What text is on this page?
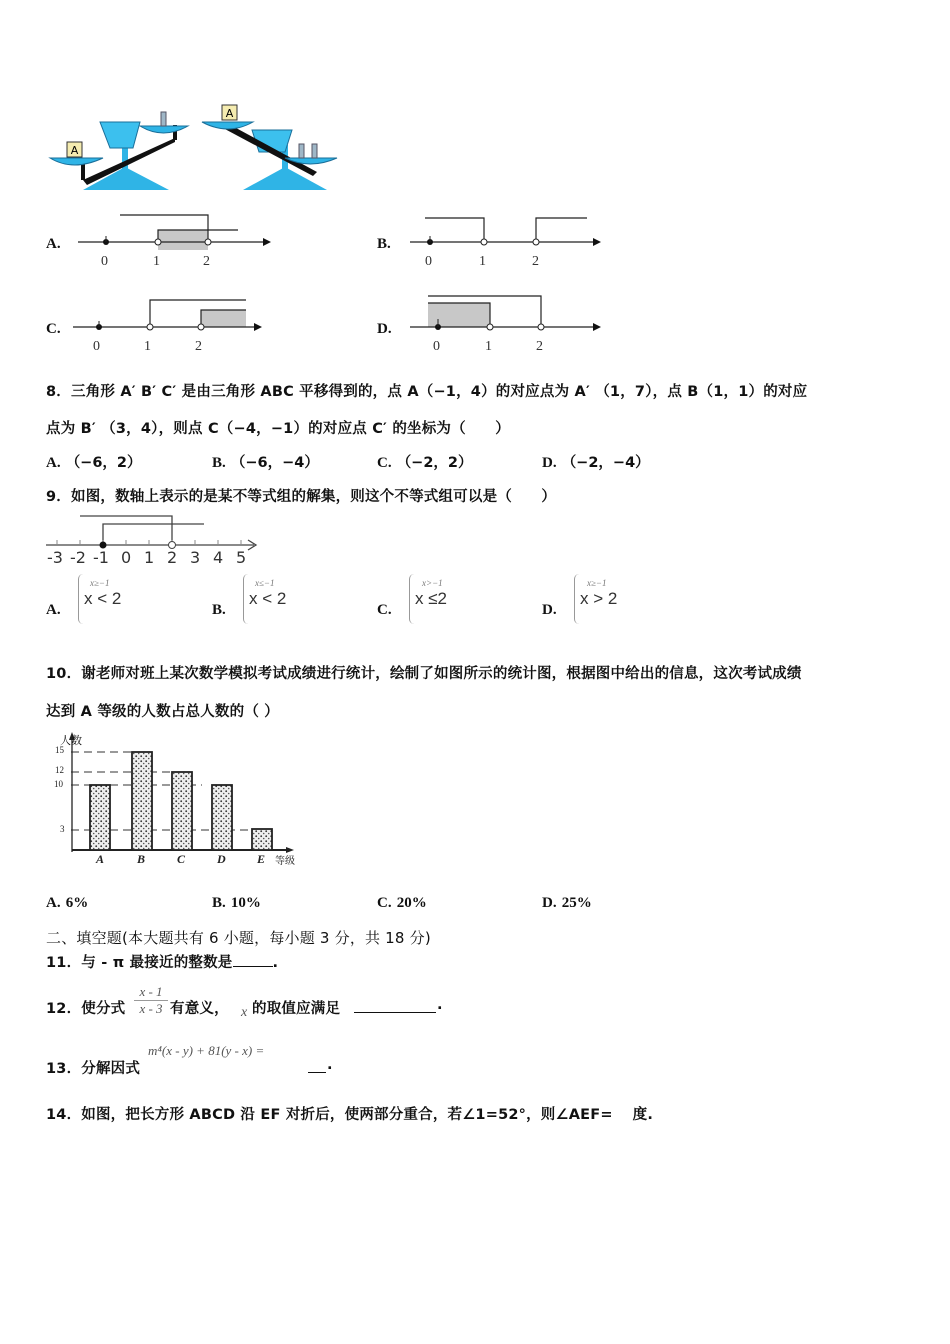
A
A
A.
0	1	2
B.
0	1	2
C.
0	1	2
D.
0	1	2
8．三角形 A′ B′ C′ 是由三角形 ABC 平移得到的，点 A（−1，4）的对应点为 A′ （1，7），点 B（1，1）的对应
点为 B′ （3，4），则点 C（−4，−1）的对应点 C′ 的坐标为（　　）
A. （−6，2）	B. （−6，−4）	C. （−2，2）	D. （−2，−4）
9．如图，数轴上表示的是某不等式组的解集，则这个不等式组可以是（　　）
-3 -2 -1 0 1 2 3 4 5
A.
x≥−1
x < 2
B.
x≤−1
x < 2
C.
x>−1
x ≤2
D.
x≥−1
x > 2
10．谢老师对班上某次数学模拟考试成绩进行统计，绘制了如图所示的统计图，根据图中给出的信息，这次考试成绩
达到 A 等级的人数占总人数的（ ）
人数
15
12
10
3
A	B	C	D	E 等级
A. 6%	B. 10%	C. 20%	D. 25%
二、填空题(本大题共有 6 小题，每小题 3 分，共 18 分)
11．与 - π 最接近的整数是	.
12．使分式 $\frac{x - 1}{x - 3}$ 有意义， x 的取值应满足	.
13．分解因式
m⁴(x - y) + 81(y - x) =
.
14．如图，把长方形 ABCD 沿 EF 对折后，使两部分重合，若∠1=52°，则∠AEF=　 度.
